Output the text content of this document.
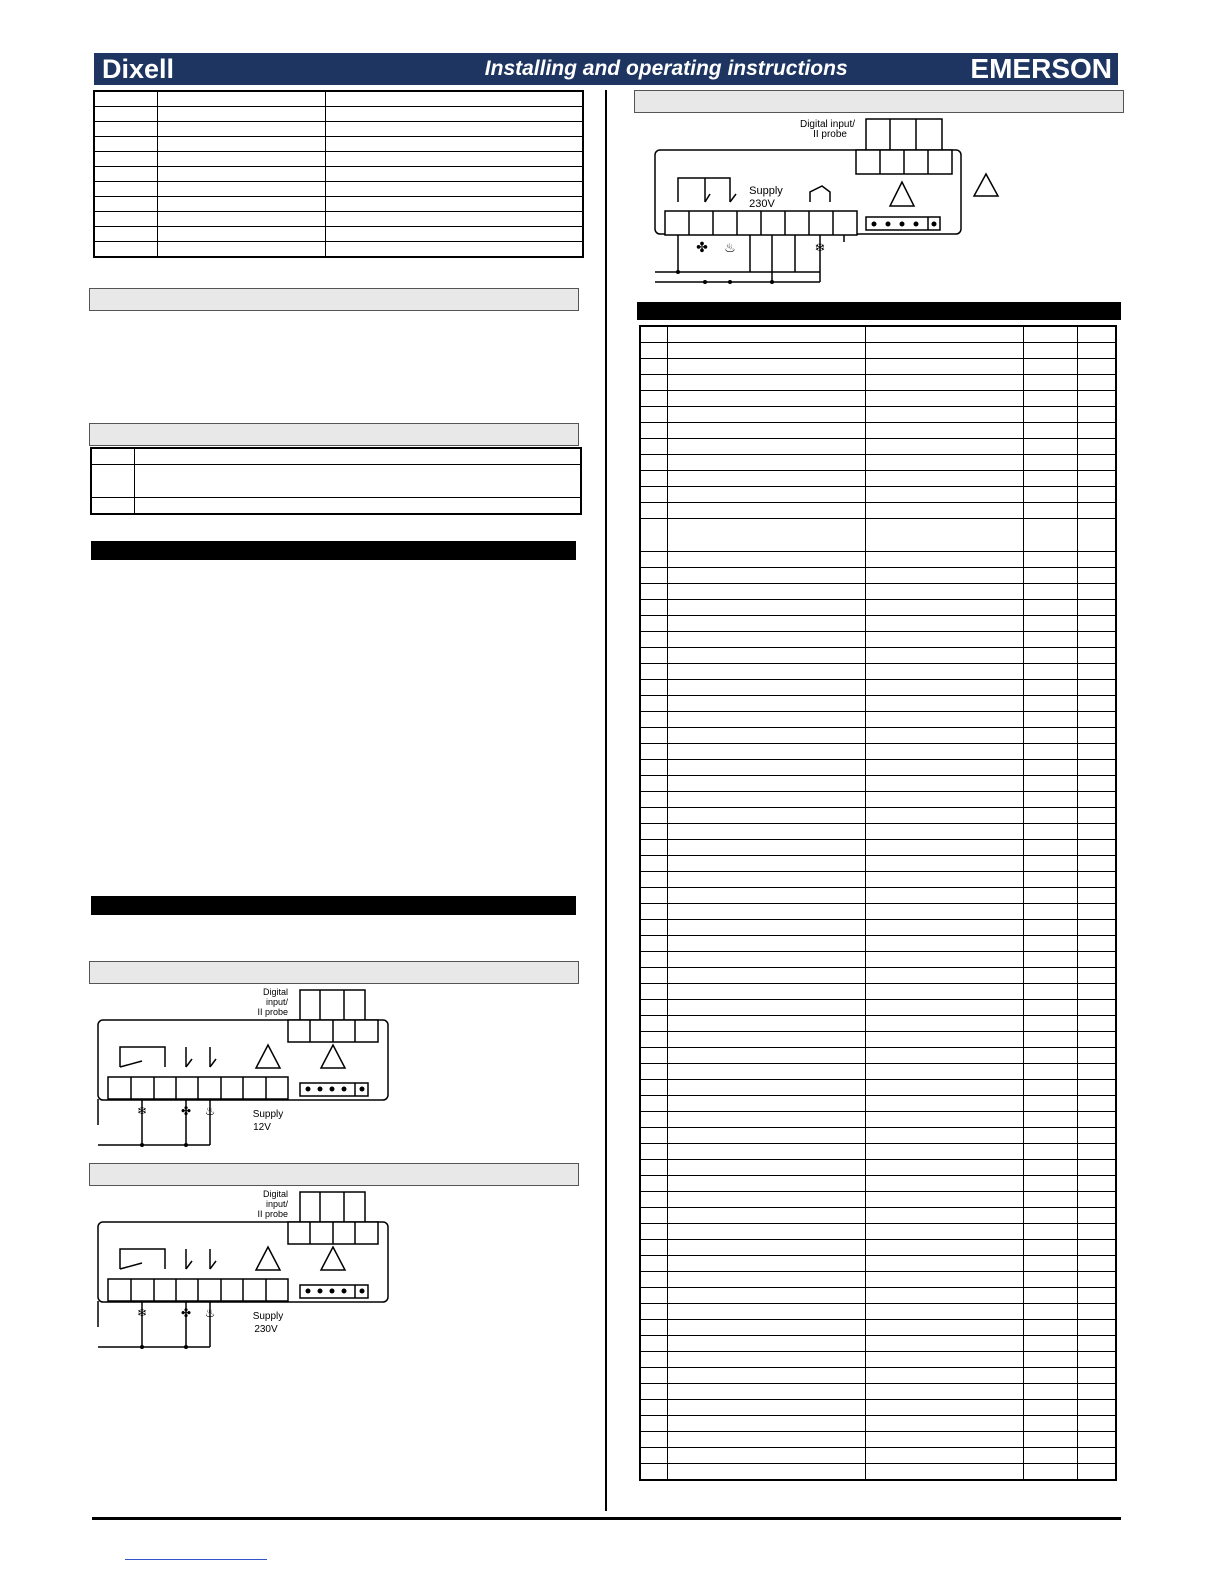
Dixell	Installing and operating instructions	EMERSON

❄	✤ ♨
Digital
input/
II probe
Supply
12V
❄	✤ ♨
Digital
input/
II probe
Supply
230V
✤ ♨	❄
Digital input/
II probe
Supply
230V
